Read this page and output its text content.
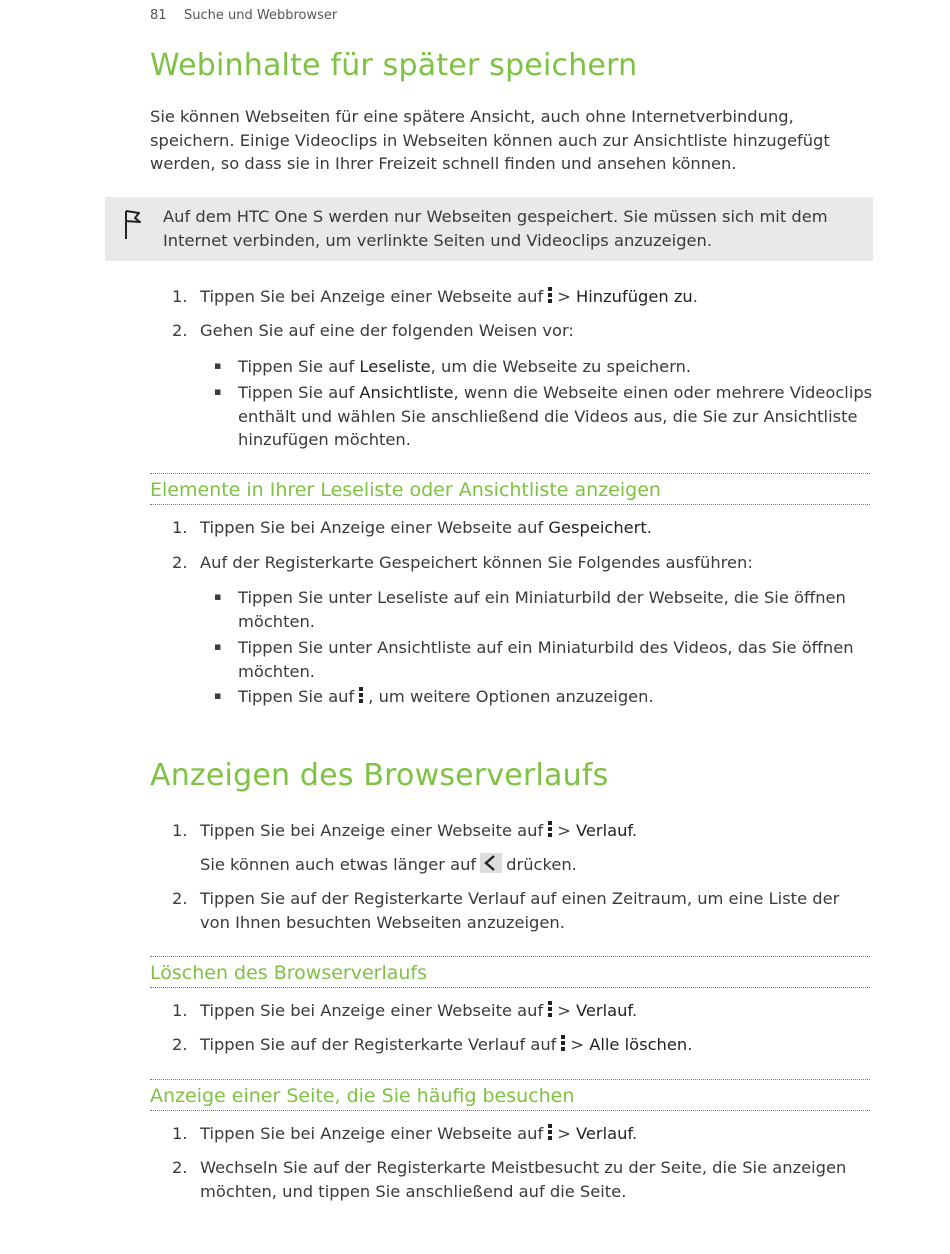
81 Suche und Webbrowser
Webinhalte für später speichern

Sie können Webseiten für eine spätere Ansicht, auch ohne Internetverbindung, speichern. Einige Videoclips in Webseiten können auch zur Ansichtliste hinzugefügt werden, so dass sie in Ihrer Freizeit schnell finden und ansehen können.

Auf dem HTC One S werden nur Webseiten gespeichert. Sie müssen sich mit dem Internet verbinden, um verlinkte Seiten und Videoclips anzuzeigen.
1. Tippen Sie bei Anzeige einer Webseite auf > Hinzufügen zu.

2. Gehen Sie auf eine der folgenden Weisen vor:

▪ Tippen Sie auf Leseliste, um die Webseite zu speichern.

▪ Tippen Sie auf Ansichtliste, wenn die Webseite einen oder mehrere Videoclips enthält und wählen Sie anschließend die Videos aus, die Sie zur Ansichtliste hinzufügen möchten.

Elemente in Ihrer Leseliste oder Ansichtliste anzeigen
1. Tippen Sie bei Anzeige einer Webseite auf Gespeichert.

2. Auf der Registerkarte Gespeichert können Sie Folgendes ausführen:

▪ Tippen Sie unter Leseliste auf ein Miniaturbild der Webseite, die Sie öffnen möchten.

▪ Tippen Sie unter Ansichtliste auf ein Miniaturbild des Videos, das Sie öffnen möchten.

▪ Tippen Sie auf , um weitere Optionen anzuzeigen.

Anzeigen des Browserverlaufs
1. Tippen Sie bei Anzeige einer Webseite auf > Verlauf.

Sie können auch etwas länger auf drücken.

2. Tippen Sie auf der Registerkarte Verlauf auf einen Zeitraum, um eine Liste der von Ihnen besuchten Webseiten anzuzeigen.

Löschen des Browserverlaufs
1. Tippen Sie bei Anzeige einer Webseite auf > Verlauf.

2. Tippen Sie auf der Registerkarte Verlauf auf > Alle löschen.

Anzeige einer Seite, die Sie häufig besuchen
1. Tippen Sie bei Anzeige einer Webseite auf > Verlauf.

2. Wechseln Sie auf der Registerkarte Meistbesucht zu der Seite, die Sie anzeigen möchten, und tippen Sie anschließend auf die Seite.
